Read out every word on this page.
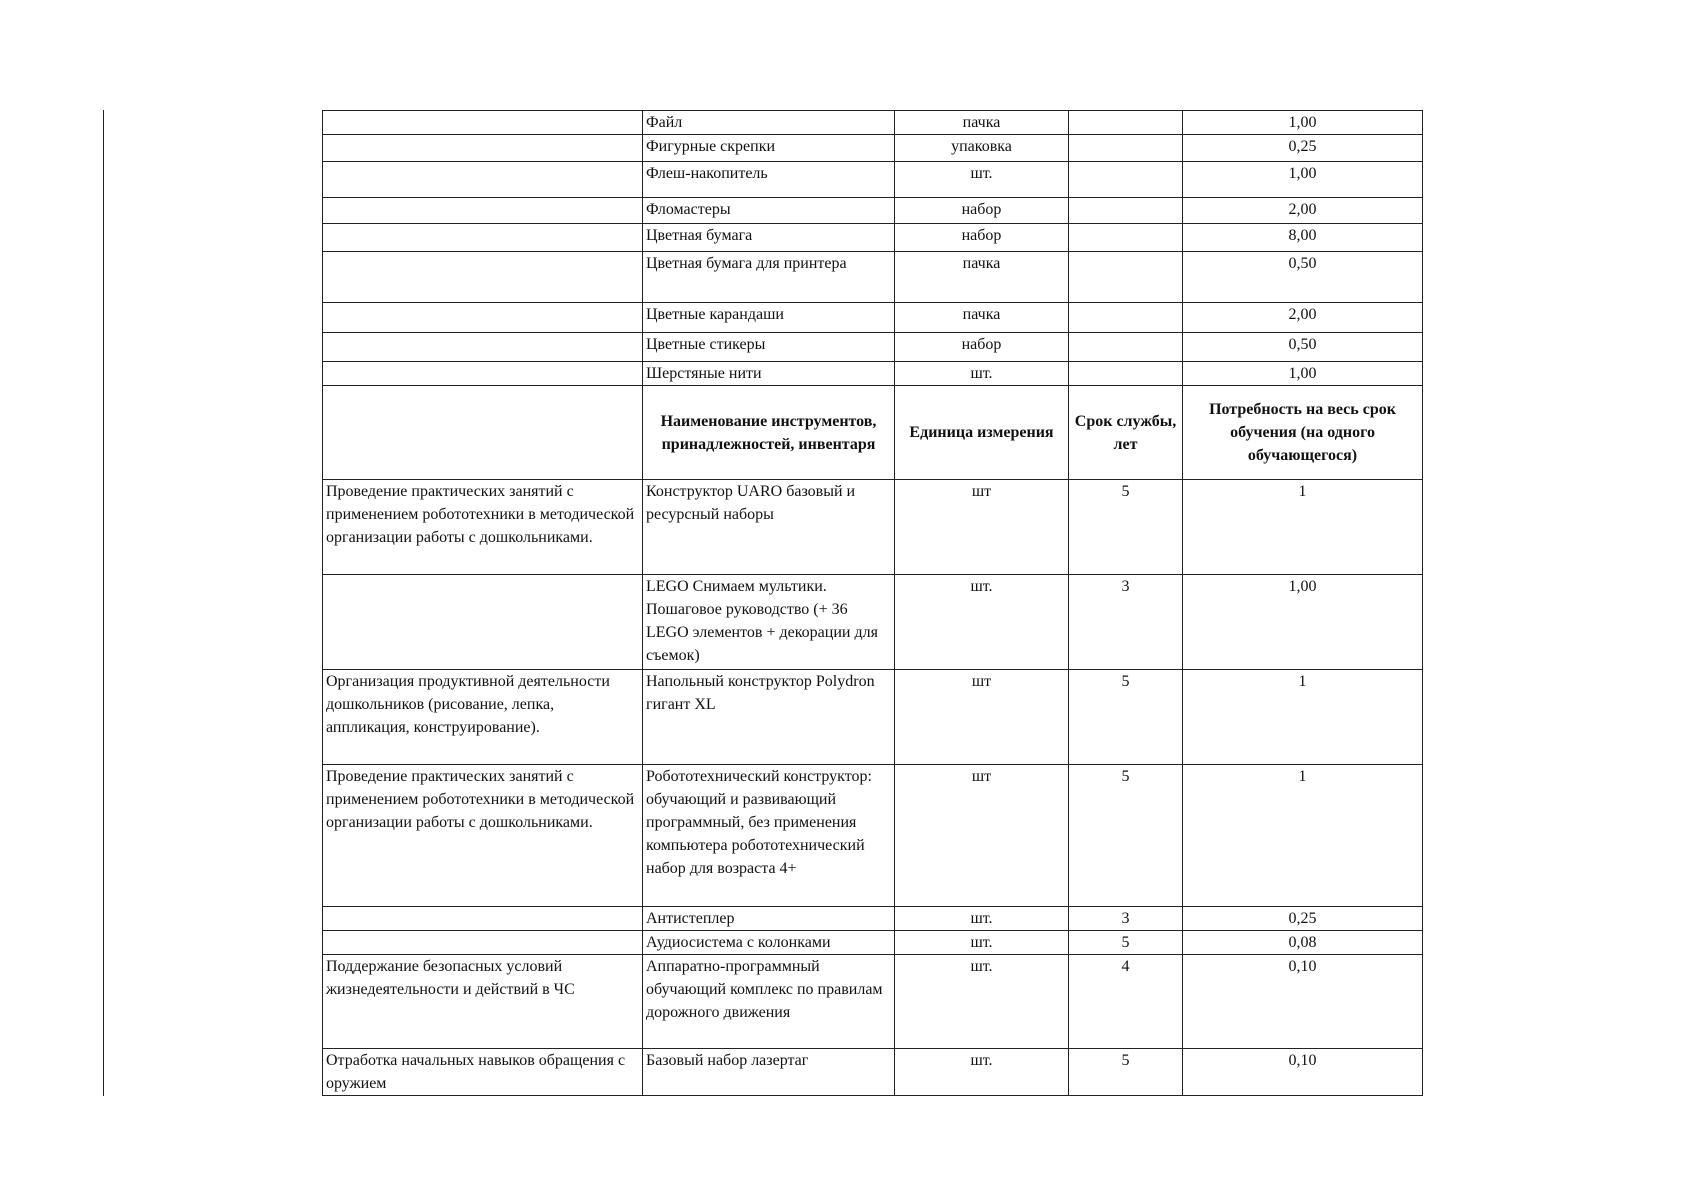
	Файл	пачка		1,00
	Фигурные скрепки	упаковка		0,25
	Флеш-накопитель	шт.		1,00
	Фломастеры	набор		2,00
	Цветная бумага	набор		8,00
	Цветная бумага для принтера	пачка		0,50
	Цветные карандаши	пачка		2,00
	Цветные стикеры	набор		0,50
	Шерстяные нити	шт.		1,00
	Наименование инструментов, принадлежностей, инвентаря	Единица измерения	Срок службы, лет	Потребность на весь срок обучения (на одного обучающегося)
Проведение практических занятий с применением робототехники в методической организации работы с дошкольниками.	Конструктор UARO базовый и ресурсный наборы	шт	5	1
	LEGO Снимаем мультики. Пошаговое руководство (+ 36 LEGO элементов + декорации для съемок)	шт.	3	1,00
Организация продуктивной деятельности дошкольников (рисование, лепка, аппликация, конструирование).	Напольный конструктор Polydron гигант XL	шт	5	1
Проведение практических занятий с применением робототехники в методической организации работы с дошкольниками.	Робототехнический конструктор: обучающий и развивающий программный, без применения компьютера робототехнический набор для возраста 4+	шт	5	1
	Антистеплер	шт.	3	0,25
	Аудиосистема с колонками	шт.	5	0,08
Поддержание безопасных условий жизнедеятельности и действий в ЧС	Аппаратно-программный обучающий комплекс по правилам дорожного движения	шт.	4	0,10
Отработка начальных навыков обращения с оружием	Базовый набор лазертаг	шт.	5	0,10
